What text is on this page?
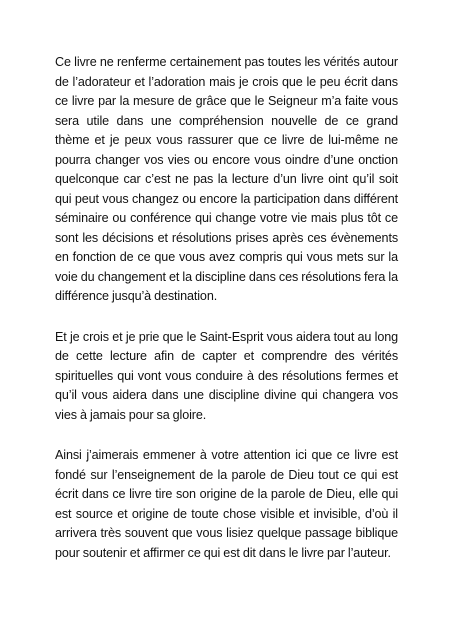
Ce livre ne renferme certainement pas toutes les vérités autour de l’adorateur et l’adoration mais je crois que le peu écrit dans ce livre par la mesure de grâce que le Seigneur m’a faite vous sera utile dans une compréhension nouvelle de ce grand thème et je peux vous rassurer que ce livre de lui-même ne pourra changer vos vies ou encore vous oindre d’une onction quelconque car c’est ne pas la lecture d’un livre oint qu’il soit qui peut vous changez ou encore la participation dans différent séminaire ou conférence qui change votre vie mais plus tôt ce sont les décisions et résolutions prises après ces évènements en fonction de ce que vous avez compris qui vous mets sur la voie du changement et la discipline dans ces résolutions fera la différence jusqu’à destination.

Et je crois et je prie que le Saint-Esprit vous aidera tout au long de cette lecture afin de capter et comprendre des vérités spirituelles qui vont vous conduire à des résolutions fermes et qu’il vous aidera dans une discipline divine qui changera vos vies à jamais pour sa gloire.

Ainsi j’aimerais emmener à votre attention ici que ce livre est fondé sur l’enseignement de la parole de Dieu tout ce qui est écrit dans ce livre tire son origine de la parole de Dieu, elle qui est source et origine de toute chose visible et invisible, d’où il arrivera très souvent que vous lisiez quelque passage biblique pour soutenir et affirmer ce qui est dit dans le livre par l’auteur.
